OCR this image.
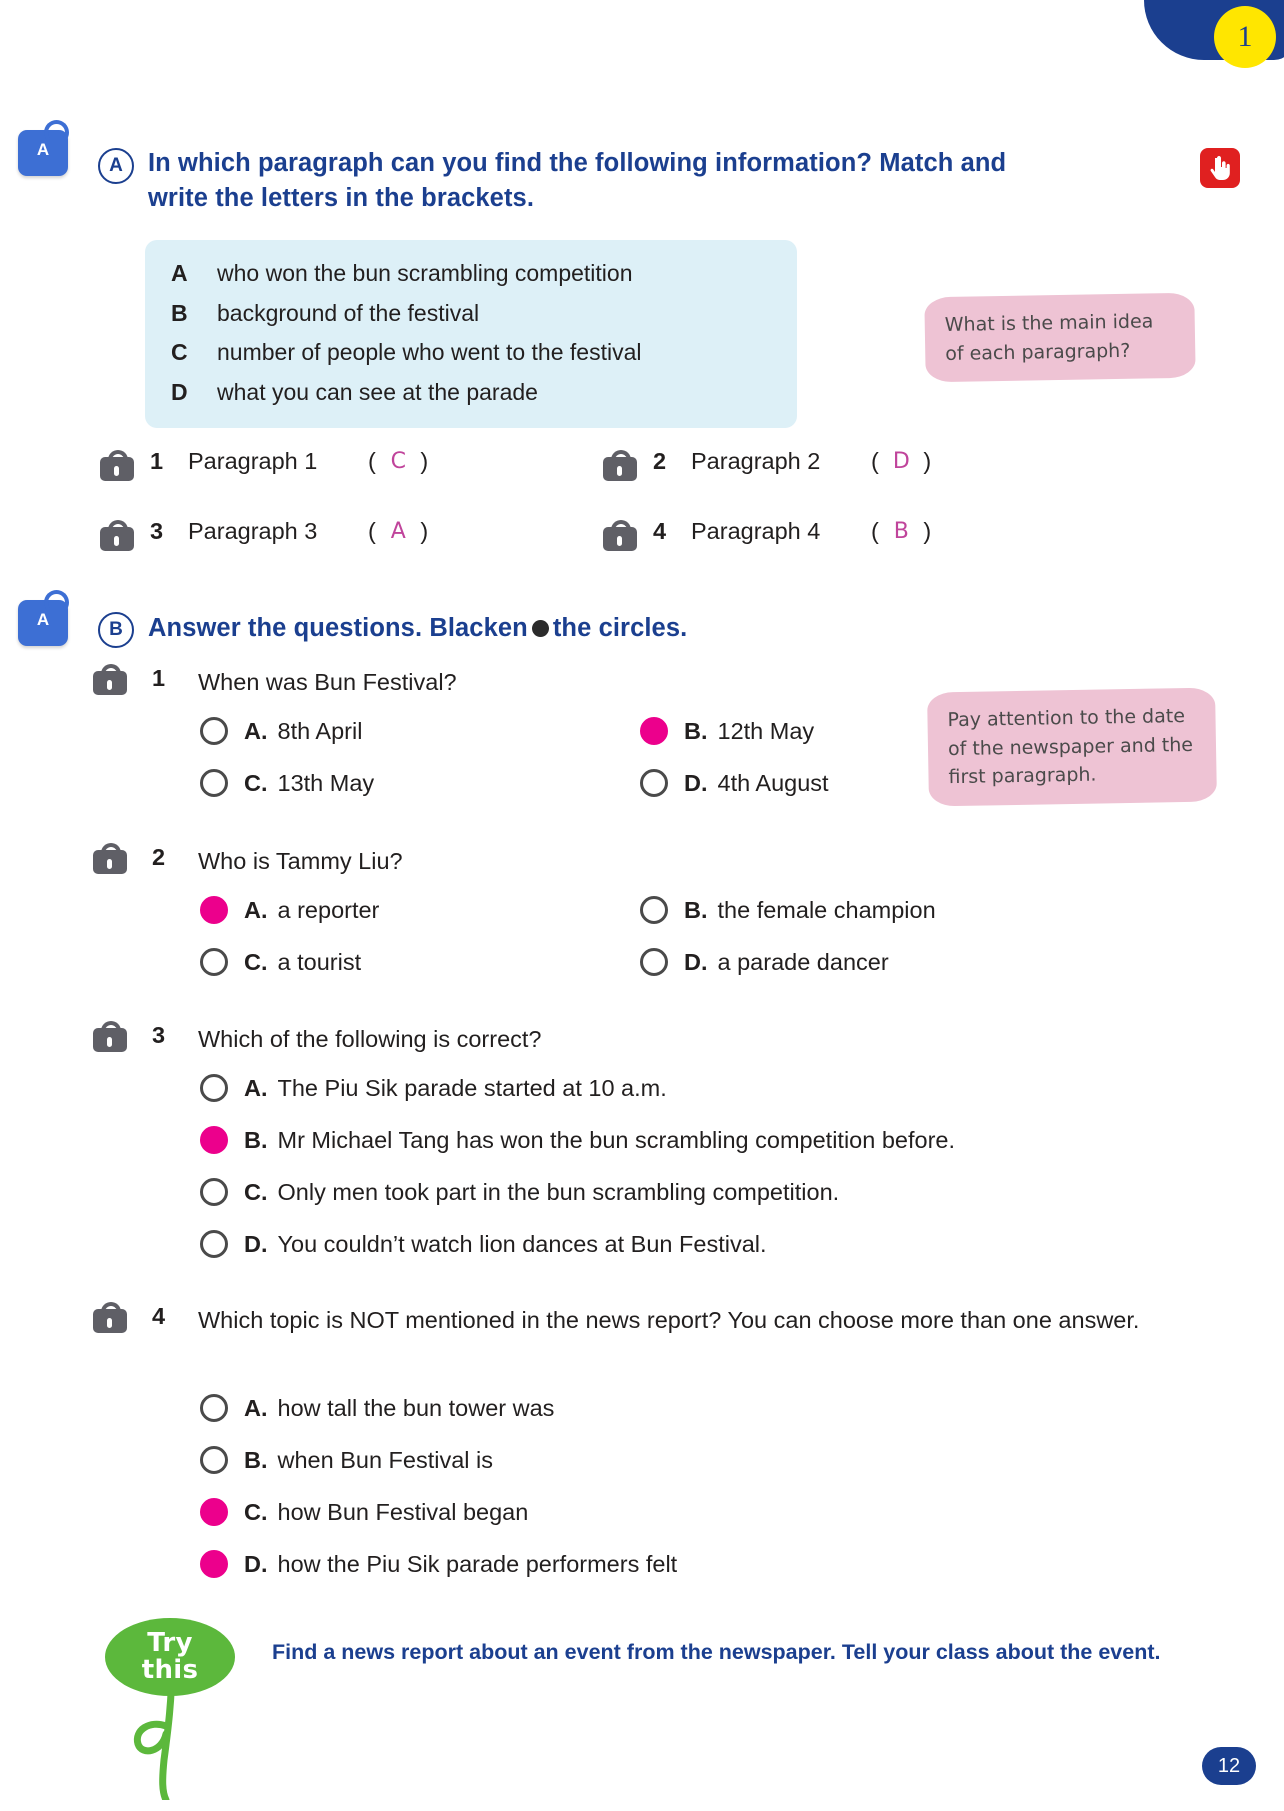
1
A
A In which paragraph can you find the following information? Match and write the letters in the brackets.
A	who won the bun scrambling competition
B	background of the festival
C	number of people who went to the festival
D	what you can see at the parade
What is the main idea of each paragraph?
1	Paragraph 1	( C )	2	Paragraph 2	( D )
3	Paragraph 3	( A )	4	Paragraph 4	( B )
A	B Answer the questions. Blacken the circles.
Pay attention to the date of the newspaper and the first paragraph.
1 When was Bun Festival?
A. 8th April	B. 12th May
C. 13th May	D. 4th August
2 Who is Tammy Liu?
A. a reporter	B. the female champion
C. a tourist	D. a parade dancer
3 Which of the following is correct?
A. The Piu Sik parade started at 10 a.m.
B. Mr Michael Tang has won the bun scrambling competition before.
C. Only men took part in the bun scrambling competition.
D. You couldn’t watch lion dances at Bun Festival.
4 Which topic is NOT mentioned in the news report? You can choose more than one answer.
A. how tall the bun tower was
B. when Bun Festival is
C. how Bun Festival began
D. how the Piu Sik parade performers felt
Try
this
Find a news report about an event from the newspaper. Tell your class about the event.
12
